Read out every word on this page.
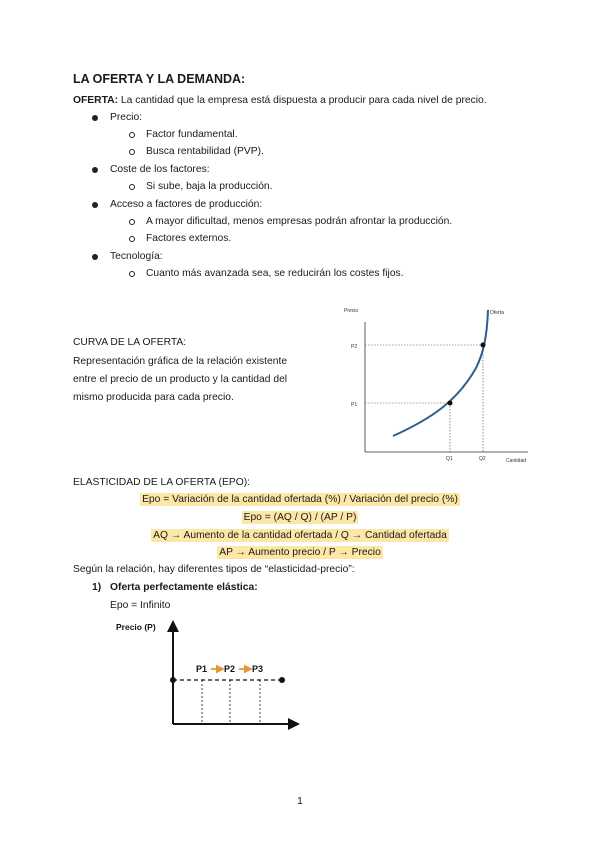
LA OFERTA Y LA DEMANDA:
OFERTA: La cantidad que la empresa está dispuesta a producir para cada nivel de precio.
Precio:
Factor fundamental.
Busca rentabilidad (PVP).
Coste de los factores:
Si sube, baja la producción.
Acceso a factores de producción:
A mayor dificultad, menos empresas podrán afrontar la producción.
Factores externos.
Tecnología:
Cuanto más avanzada sea, se reducirán los costes fijos.
CURVA DE LA OFERTA:
Representación gráfica de la relación existente
entre el precio de un producto y la cantidad del
mismo producida para cada precio.
Precio	Oferta
P2
P1
Q1	Q2	Cantidad
ELASTICIDAD DE LA OFERTA (EPO):
Epo = Variación de la cantidad ofertada (%) / Variación del precio (%)
Epo = (AQ / Q) / (AP / P)
AQ → Aumento de la cantidad ofertada / Q → Cantidad ofertada
AP → Aumento precio / P → Precio
Según la relación, hay diferentes tipos de “elasticidad-precio”:
1) Oferta perfectamente elástica:
Epo = Infinito
Precio (P)
P1 P2 P3
1
